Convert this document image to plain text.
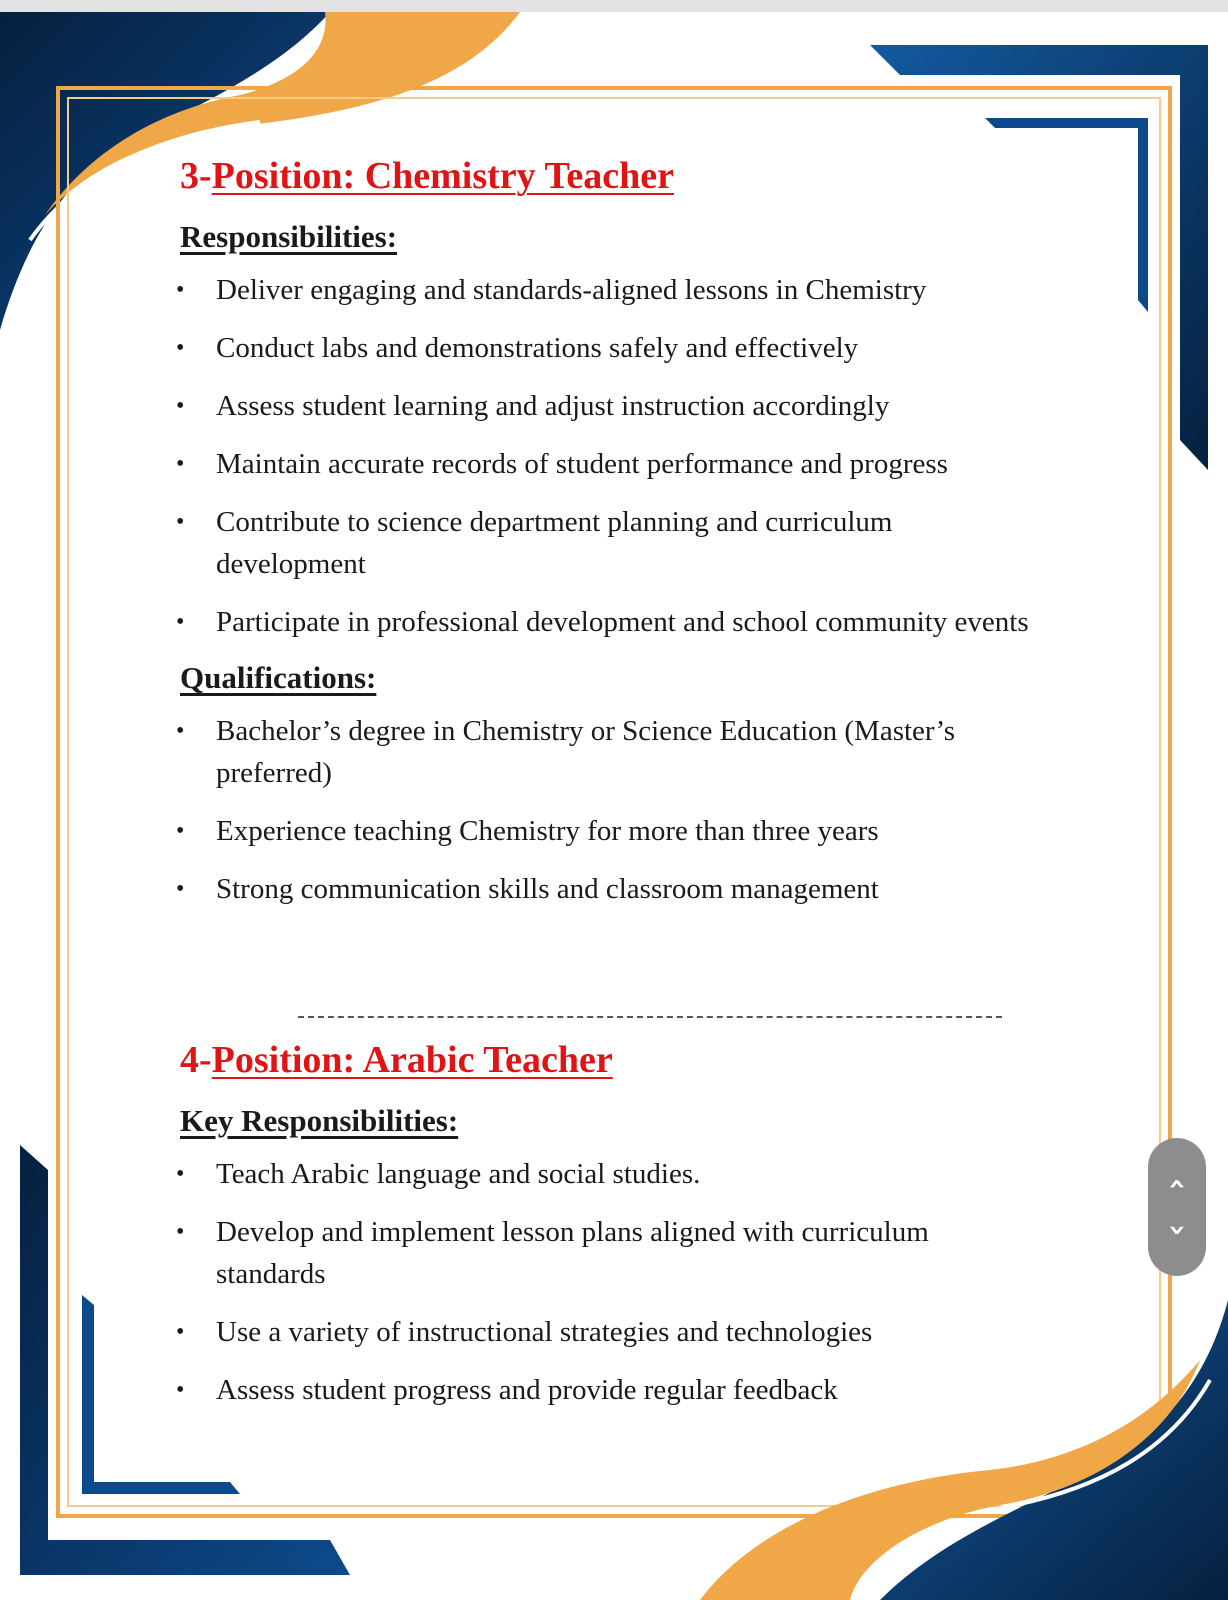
3-Position: Chemistry Teacher
Responsibilities:
• Deliver engaging and standards-aligned lessons in Chemistry
• Conduct labs and demonstrations safely and effectively
• Assess student learning and adjust instruction accordingly
• Maintain accurate records of student performance and progress
• Contribute to science department planning and curriculum development
• Participate in professional development and school community events
Qualifications:
• Bachelor’s degree in Chemistry or Science Education (Master’s preferred)
• Experience teaching Chemistry for more than three years
• Strong communication skills and classroom management
4-Position: Arabic Teacher
Key Responsibilities:
• Teach Arabic language and social studies.
• Develop and implement lesson plans aligned with curriculum standards
• Use a variety of instructional strategies and technologies
• Assess student progress and provide regular feedback
‹
›
